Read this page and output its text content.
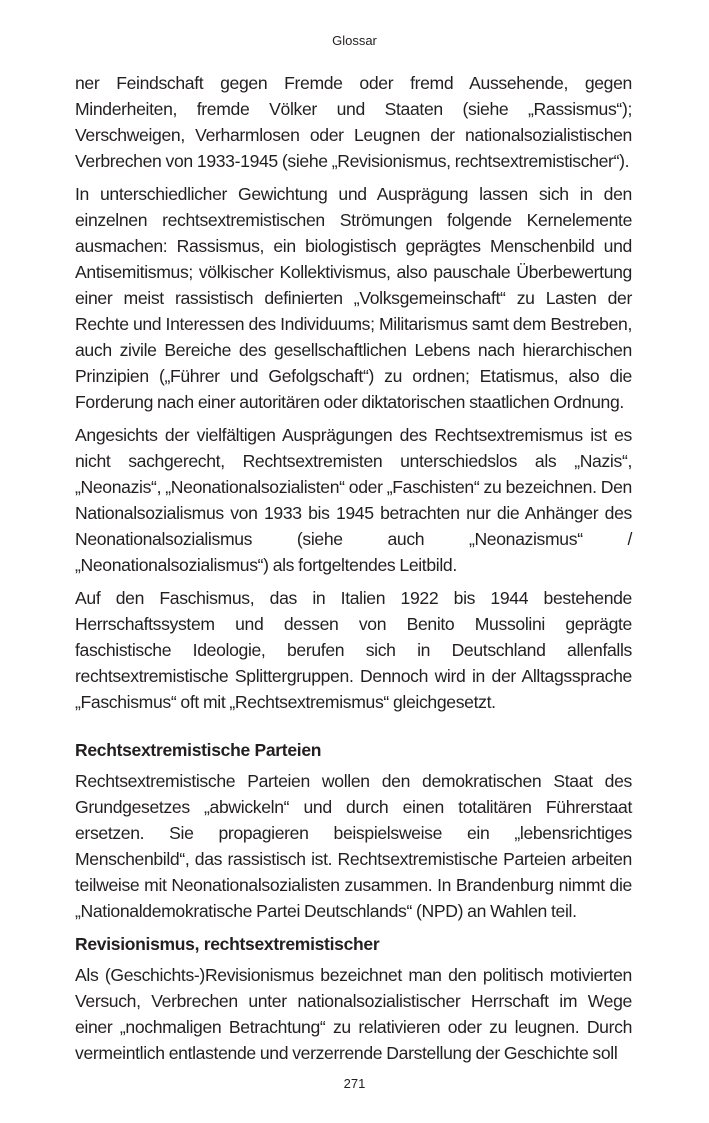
Glossar

ner Feindschaft gegen Fremde oder fremd Aussehende, gegen Minderheiten, fremde Völker und Staaten (siehe „Rassismus“); Verschweigen, Verharmlosen oder Leugnen der nationalsozialistischen Verbrechen von 1933-1945 (siehe „Revisionismus, rechtsextremistischer“).

In unterschiedlicher Gewichtung und Ausprägung lassen sich in den einzelnen rechtsextremistischen Strömungen folgende Kernelemente ausmachen: Rassismus, ein biologistisch geprägtes Menschenbild und Antisemitismus; völkischer Kollektivismus, also pauschale Überbewertung einer meist rassistisch definierten „Volksgemeinschaft“ zu Lasten der Rechte und Interessen des Individuums; Militarismus samt dem Bestreben, auch zivile Bereiche des gesellschaftlichen Lebens nach hierarchischen Prinzipien („Führer und Gefolgschaft“) zu ordnen; Etatismus, also die Forderung nach einer autoritären oder diktatorischen staatlichen Ordnung.

Angesichts der vielfältigen Ausprägungen des Rechtsextremismus ist es nicht sachgerecht, Rechtsextremisten unterschiedslos als „Nazis“, „Neonazis“, „Neonationalsozialisten“ oder „Faschisten“ zu bezeichnen. Den Nationalsozialismus von 1933 bis 1945 betrachten nur die Anhänger des Neonationalsozialismus (siehe auch „Neonazismus“ / „Neonationalsozialismus“) als fortgeltendes Leitbild.

Auf den Faschismus, das in Italien 1922 bis 1944 bestehende Herrschaftssystem und dessen von Benito Mussolini geprägte faschistische Ideologie, berufen sich in Deutschland allenfalls rechtsextremistische Splittergruppen. Dennoch wird in der Alltagssprache „Faschismus“ oft mit „Rechtsextremismus“ gleichgesetzt.

Rechtsextremistische Parteien

Rechtsextremistische Parteien wollen den demokratischen Staat des Grundgesetzes „abwickeln“ und durch einen totalitären Führerstaat ersetzen. Sie propagieren beispielsweise ein „lebensrichtiges Menschenbild“, das rassistisch ist. Rechtsextremistische Parteien arbeiten teilweise mit Neonationalsozialisten zusammen. In Brandenburg nimmt die „Nationaldemokratische Partei Deutschlands“ (NPD) an Wahlen teil.

Revisionismus, rechtsextremistischer

Als (Geschichts-)Revisionismus bezeichnet man den politisch motivierten Versuch, Verbrechen unter nationalsozialistischer Herrschaft im Wege einer „nochmaligen Betrachtung“ zu relativieren oder zu leugnen. Durch vermeintlich entlastende und verzerrende Darstellung der Geschichte soll

271
